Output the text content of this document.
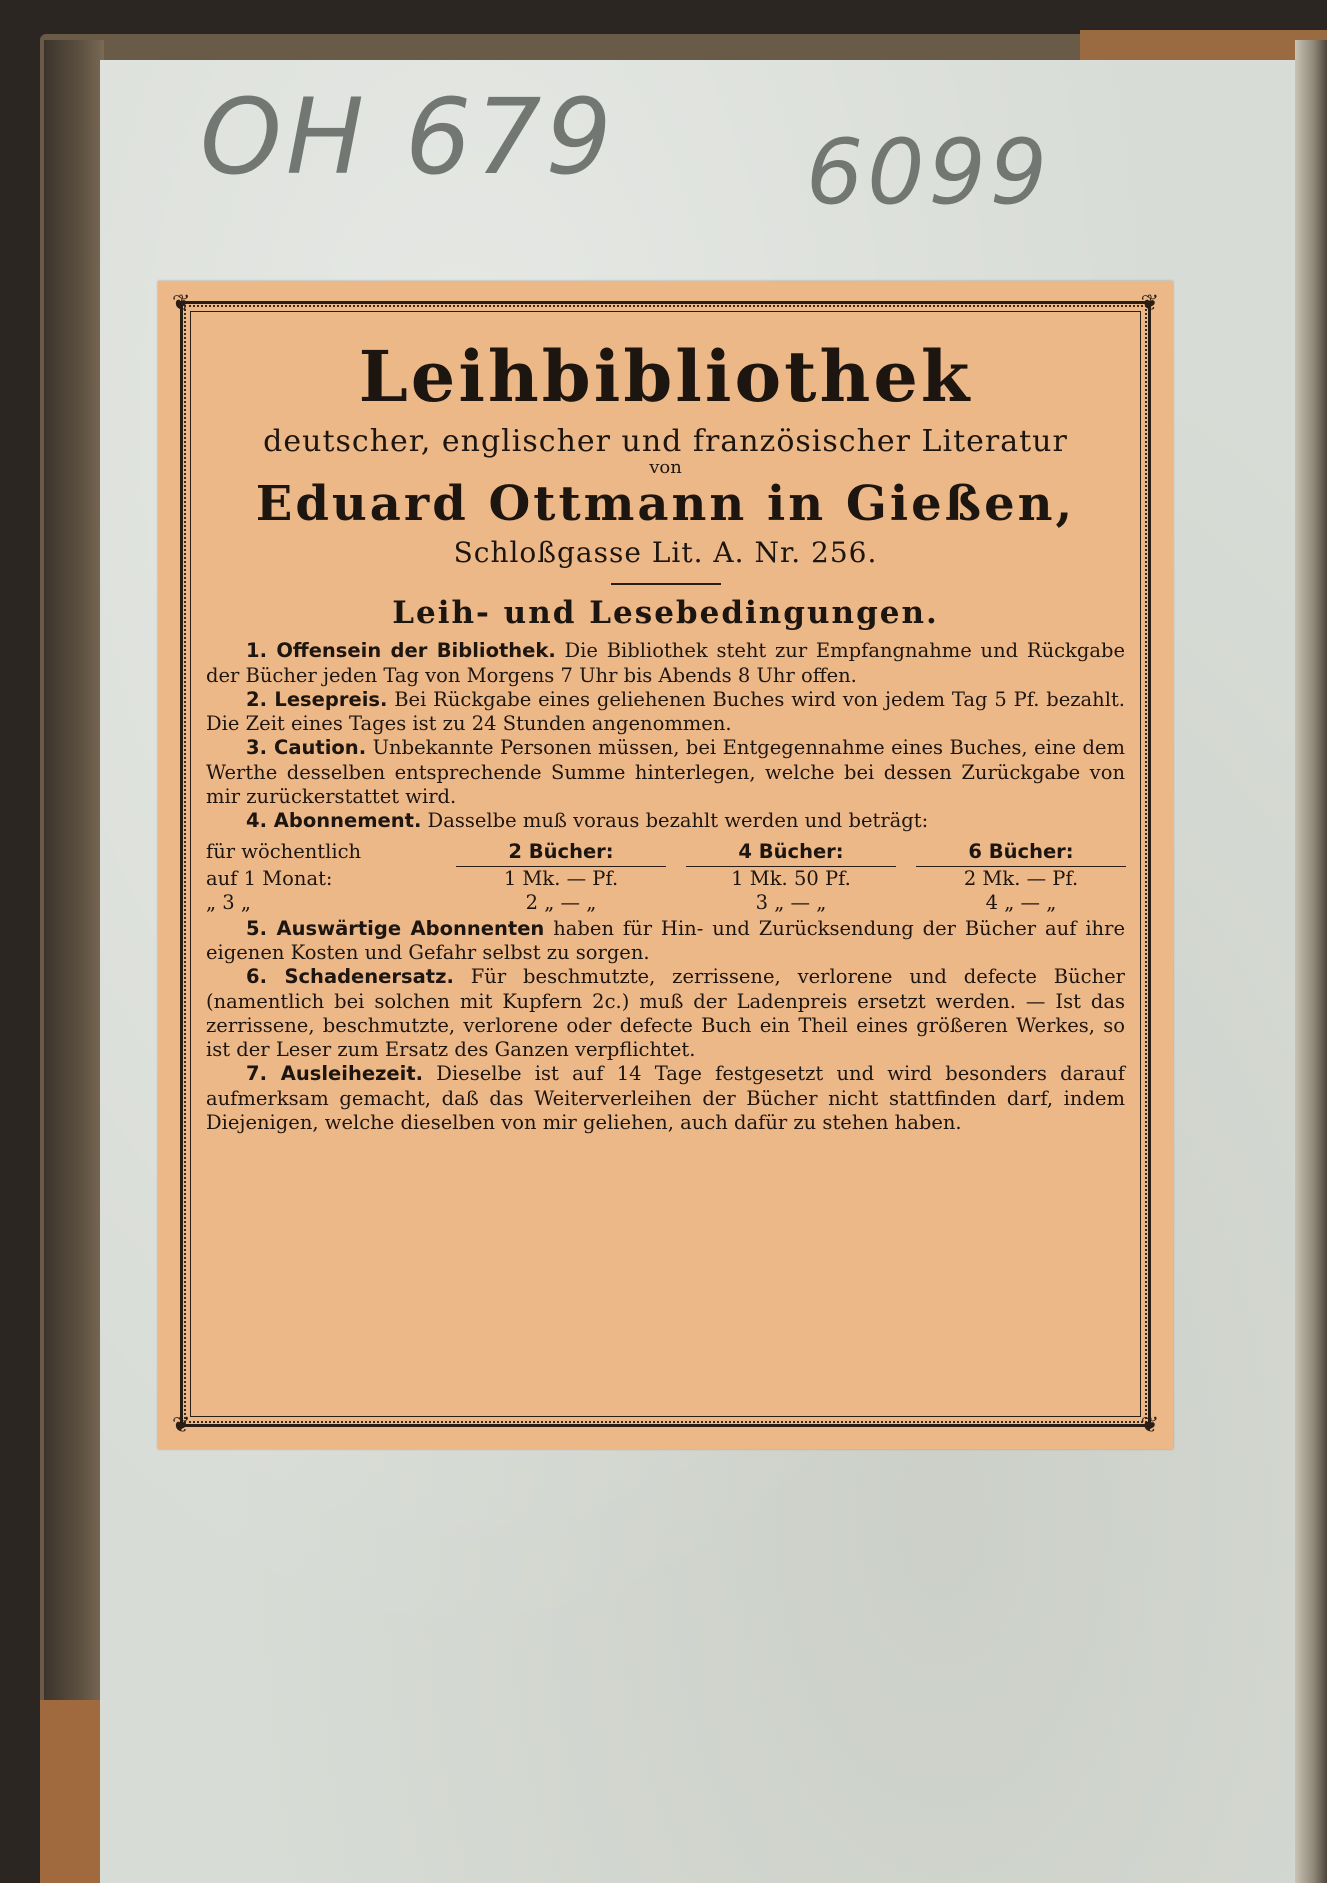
OH 679 6099
❦	❦
❦	❦
Leihbibliothek
deutscher, englischer und französischer Literatur
von
Eduard Ottmann in Gießen,
Schloßgasse Lit. A. Nr. 256.
Leih- und Lesebedingungen.

1. Offensein der Bibliothek. Die Bibliothek steht zur Empfangnahme und Rückgabe der Bücher jeden Tag von Morgens 7 Uhr bis Abends 8 Uhr offen.

2. Lesepreis. Bei Rückgabe eines geliehenen Buches wird von jedem Tag 5 Pf. bezahlt. Die Zeit eines Tages ist zu 24 Stunden angenommen.

3. Caution. Unbekannte Personen müssen, bei Entgegennahme eines Buches, eine dem Werthe desselben entsprechende Summe hinterlegen, welche bei dessen Zurückgabe von mir zurückerstattet wird.

4. Abonnement. Dasselbe muß voraus bezahlt werden und beträgt:

für wöchentlich	2 Bücher:	4 Bücher:	6 Bücher:
auf 1 Monat:	1 Mk. — Pf.	1 Mk. 50 Pf.	2 Mk. — Pf.
„ 3 „	2 „ — „	3 „ — „	4 „ — „

5. Auswärtige Abonnenten haben für Hin- und Zurücksendung der Bücher auf ihre eigenen Kosten und Gefahr selbst zu sorgen.

6. Schadenersatz. Für beschmutzte, zerrissene, verlorene und defecte Bücher (namentlich bei solchen mit Kupfern 2c.) muß der Ladenpreis ersetzt werden. — Ist das zerrissene, beschmutzte, verlorene oder defecte Buch ein Theil eines größeren Werkes, so ist der Leser zum Ersatz des Ganzen verpflichtet.

7. Ausleihezeit. Dieselbe ist auf 14 Tage festgesetzt und wird besonders darauf aufmerksam gemacht, daß das Weiterverleihen der Bücher nicht stattfinden darf, indem Diejenigen, welche dieselben von mir geliehen, auch dafür zu stehen haben.
